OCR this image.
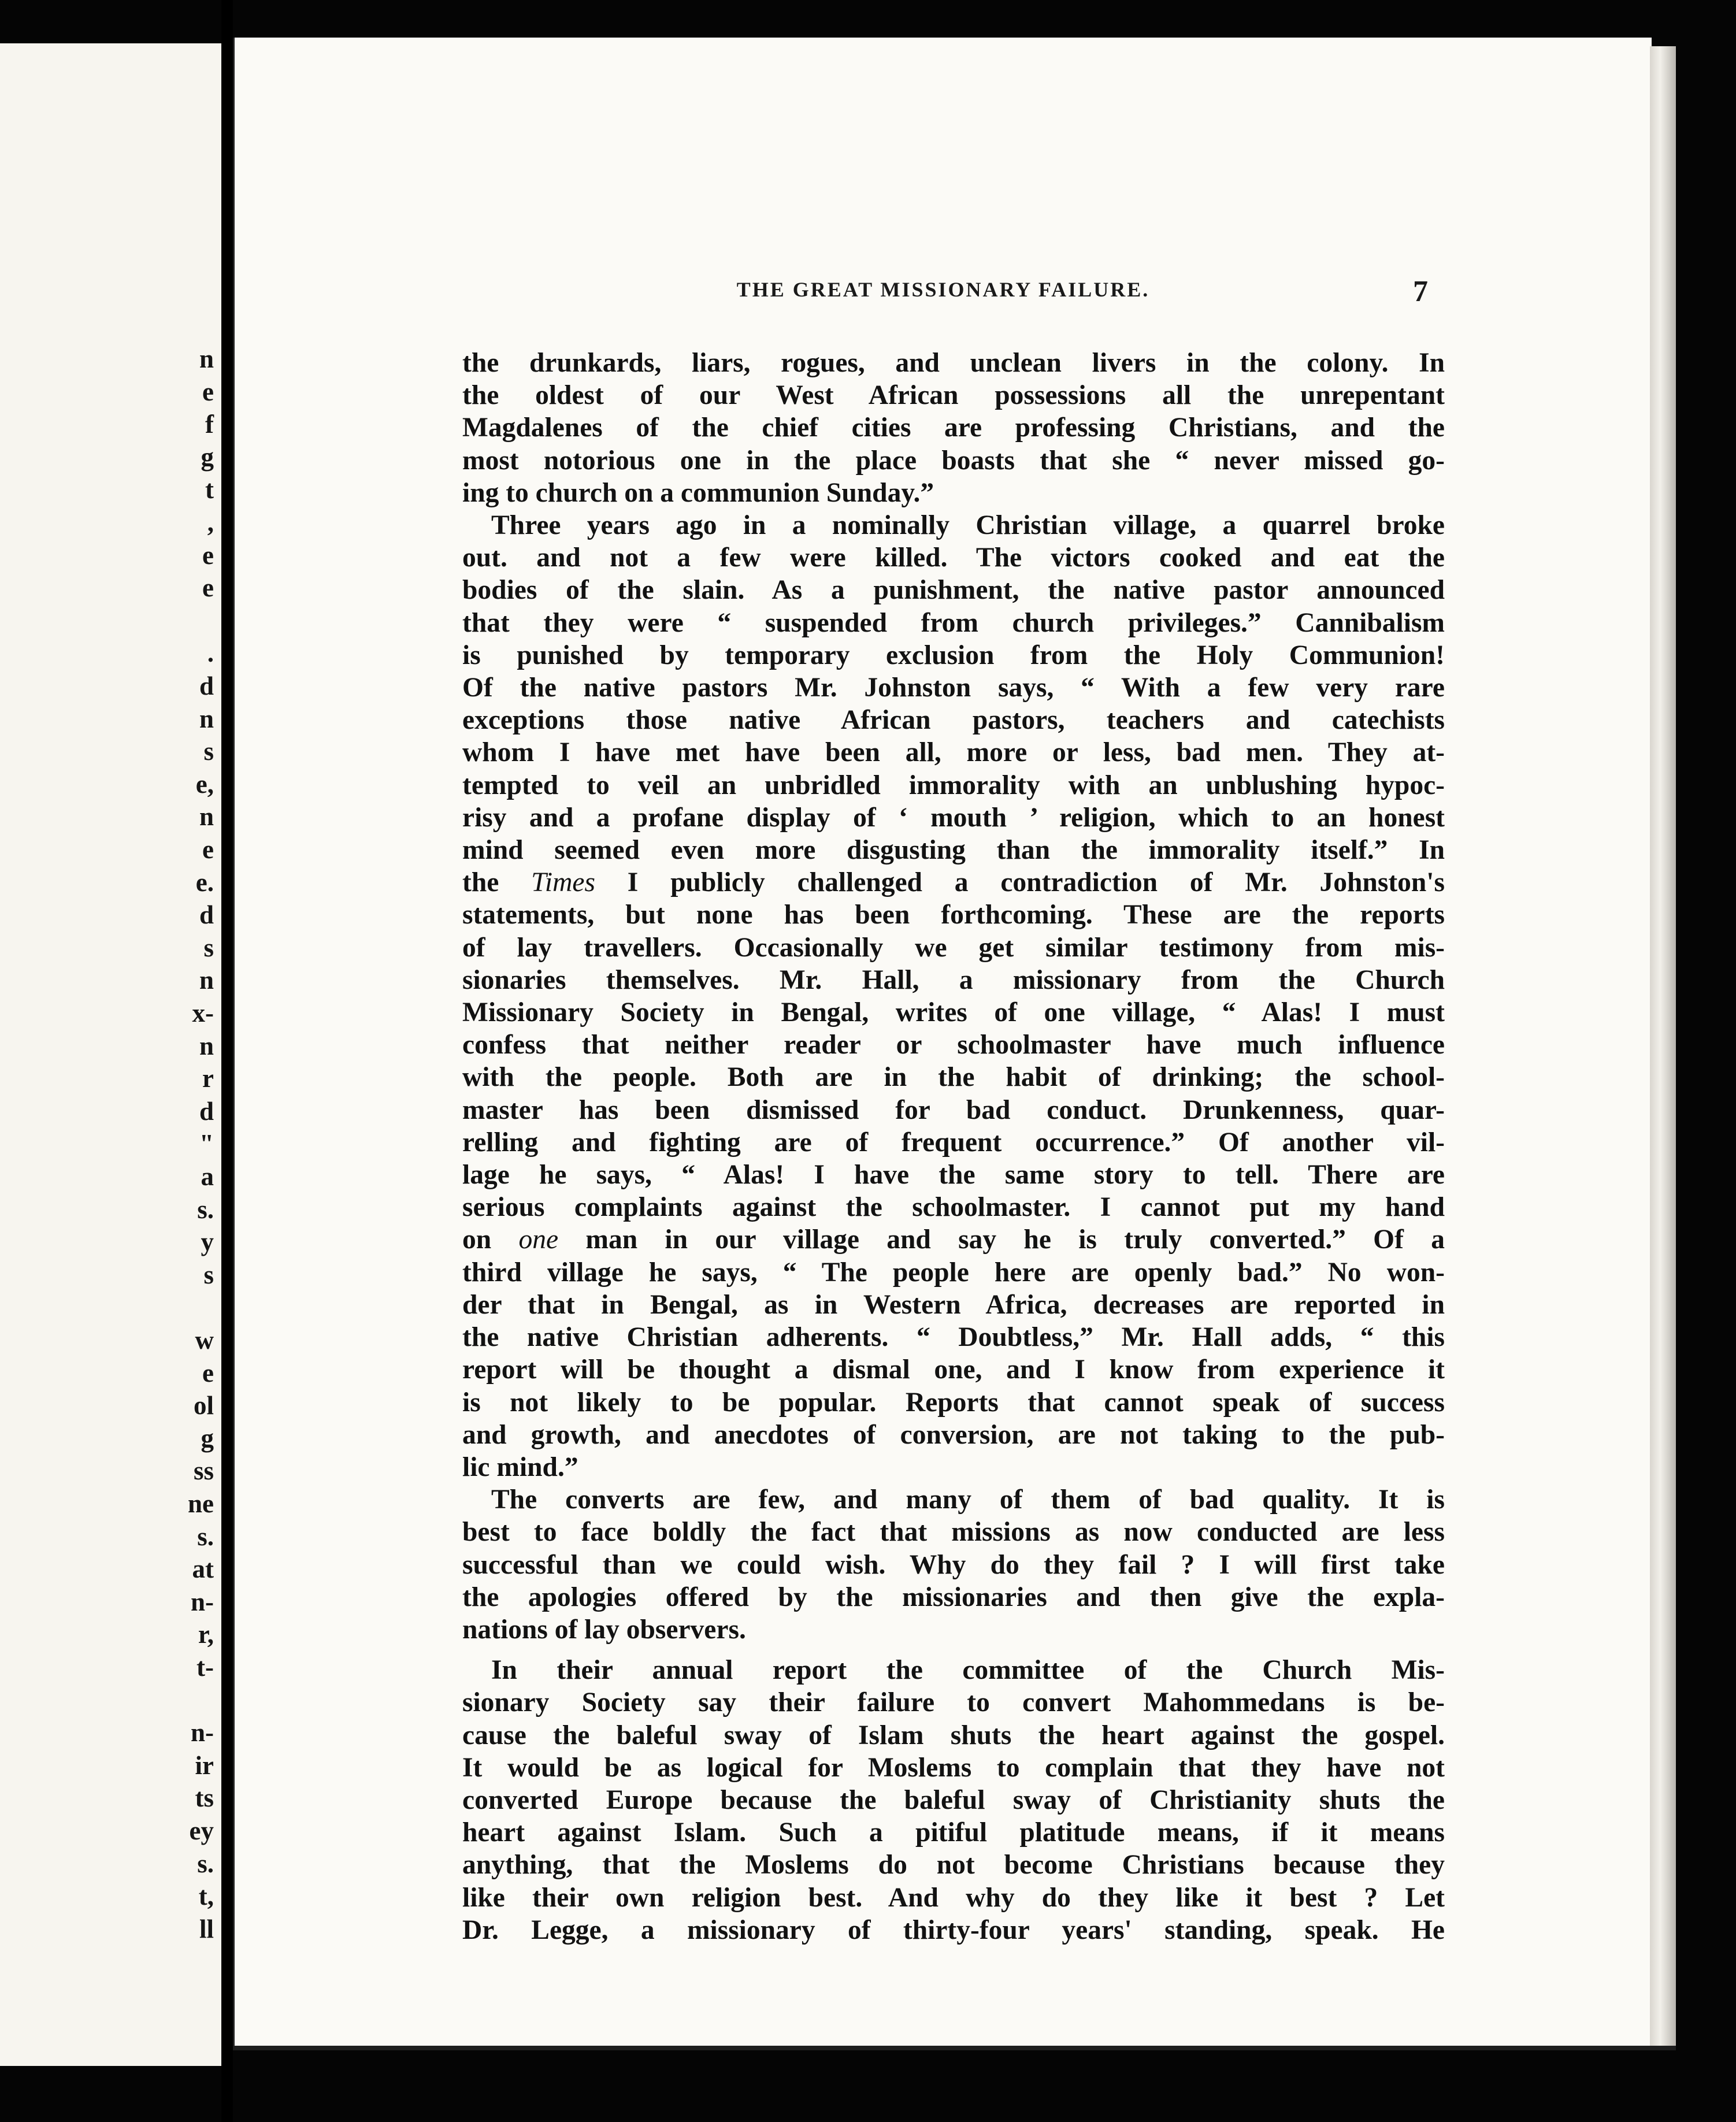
n
e
f
g
t
,
e
e
.
d
n
s
e,
n
e
e.
d
s
n
x-
n
r
d
"
a
s.
y
s
w
e
ol
g
ss
ne
s.
at
n-
r,
t-
n-
ir
ts
ey
s.
t,
ll
THE GREAT MISSIONARY FAILURE.	7
the drunkards, liars, rogues, and unclean livers in the colony. In
the oldest of our West African possessions all the unrepentant
Magdalenes of the chief cities are professing Christians, and the
most notorious one in the place boasts that she “ never missed go-
ing to church on a communion Sunday.”
Three years ago in a nominally Christian village, a quarrel broke
out. and not a few were killed. The victors cooked and eat the
bodies of the slain. As a punishment, the native pastor announced
that they were “ suspended from church privileges.” Cannibalism
is punished by temporary exclusion from the Holy Communion!
Of the native pastors Mr. Johnston says, “ With a few very rare
exceptions those native African pastors, teachers and catechists
whom I have met have been all, more or less, bad men. They at-
tempted to veil an unbridled immorality with an unblushing hypoc-
risy and a profane display of ‘ mouth ’ religion, which to an honest
mind seemed even more disgusting than the immorality itself.” In
the Times I publicly challenged a contradiction of Mr. Johnston's
statements, but none has been forthcoming. These are the reports
of lay travellers. Occasionally we get similar testimony from mis-
sionaries themselves. Mr. Hall, a missionary from the Church
Missionary Society in Bengal, writes of one village, “ Alas! I must
confess that neither reader or schoolmaster have much influence
with the people. Both are in the habit of drinking; the school-
master has been dismissed for bad conduct. Drunkenness, quar-
relling and fighting are of frequent occurrence.” Of another vil-
lage he says, “ Alas! I have the same story to tell. There are
serious complaints against the schoolmaster. I cannot put my hand
on one man in our village and say he is truly converted.” Of a
third village he says, “ The people here are openly bad.” No won-
der that in Bengal, as in Western Africa, decreases are reported in
the native Christian adherents. “ Doubtless,” Mr. Hall adds, “ this
report will be thought a dismal one, and I know from experience it
is not likely to be popular. Reports that cannot speak of success
and growth, and anecdotes of conversion, are not taking to the pub-
lic mind.”
The converts are few, and many of them of bad quality. It is
best to face boldly the fact that missions as now conducted are less
successful than we could wish. Why do they fail ? I will first take
the apologies offered by the missionaries and then give the expla-
nations of lay observers.
In their annual report the committee of the Church Mis-
sionary Society say their failure to convert Mahommedans is be-
cause the baleful sway of Islam shuts the heart against the gospel.
It would be as logical for Moslems to complain that they have not
converted Europe because the baleful sway of Christianity shuts the
heart against Islam. Such a pitiful platitude means, if it means
anything, that the Moslems do not become Christians because they
like their own religion best. And why do they like it best ? Let
Dr. Legge, a missionary of thirty-four years' standing, speak. He
